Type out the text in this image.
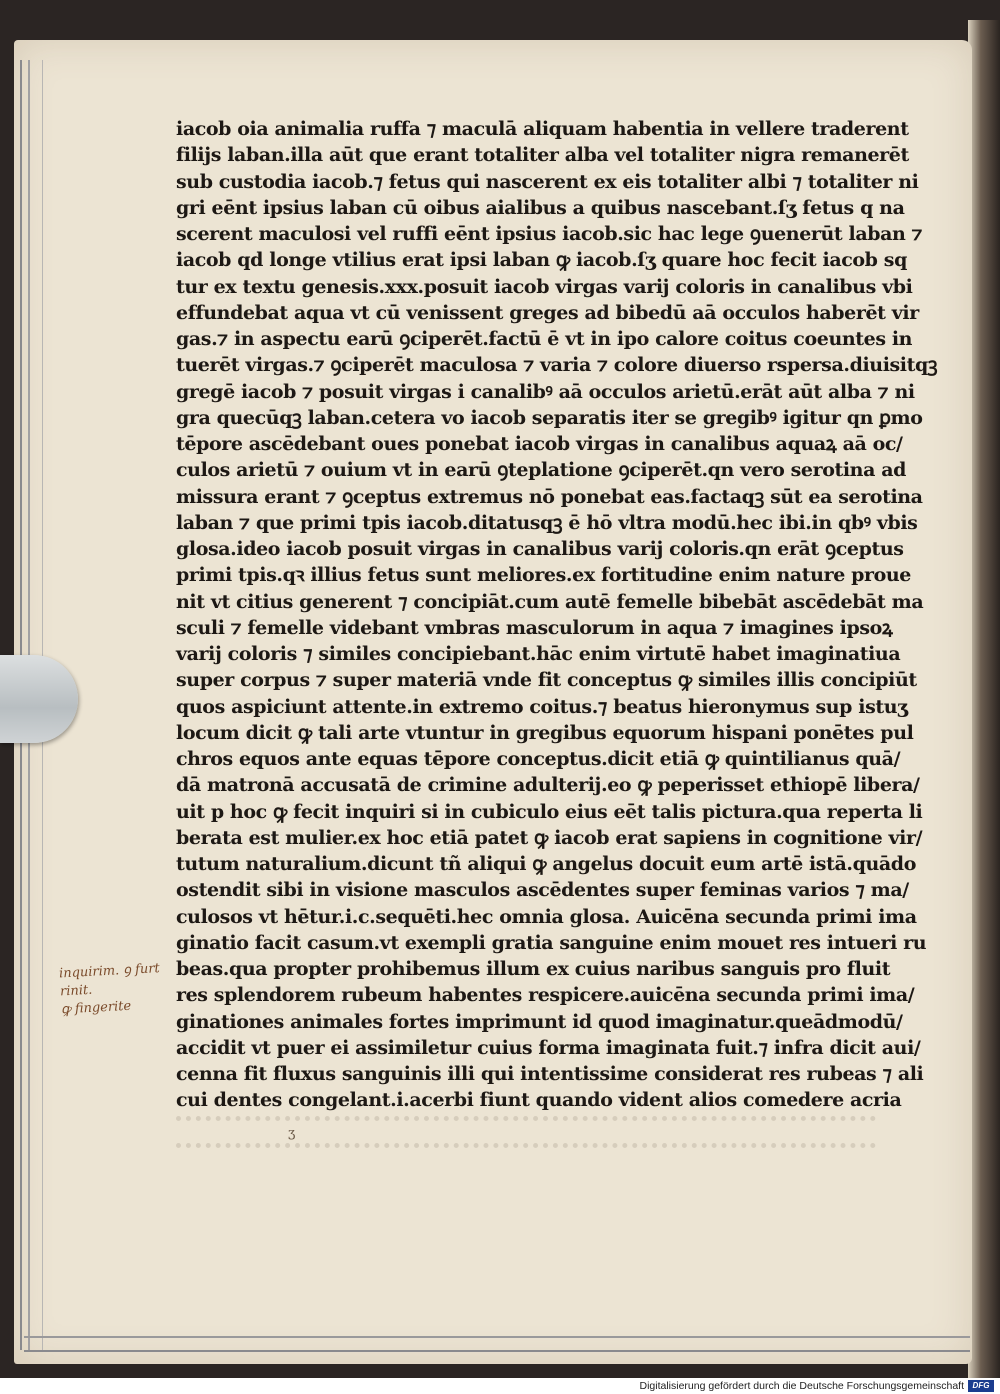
iacob oia animalia ruffa ⁊ maculā aliquam habentia in vellere traderent
filijs laban.illa aūt que erant totaliter alba vel totaliter nigra remanerēt
sub custodia iacob.⁊ fetus qui nascerent ex eis totaliter albi ⁊ totaliter ni
gri eēnt ipsius laban cū oibus aialibus a quibus nascebant.ſʒ fetus q na
scerent maculosi vel ruffi eēnt ipsius iacob.sic hac lege ꝯuenerūt laban ⁊
iacob qd longe vtilius erat ipsi laban ꝙ iacob.ſʒ quare hoc fecit iacob sq
tur ex textu genesis.xxx.posuit iacob virgas varij coloris in canalibus vbi
effundebat aqua vt cū venissent greges ad bibedū aā occulos haberēt vir
gas.⁊ in aspectu earū ꝯciperēt.factū ē vt in ipo calore coitus coeuntes in
tuerēt virgas.⁊ ꝯciperēt maculosa ⁊ varia ⁊ colore diuerso rspersa.diuisitqꝫ
gregē iacob ⁊ posuit virgas i canalibꝰ aā occulos arietū.erāt aūt alba ⁊ ni
gra quecūqꝫ laban.cetera vo iacob separatis iter se gregibꝰ igitur qn ꝑmo
tēpore ascēdebant oues ponebat iacob virgas in canalibus aquaꝝ aā oc/
culos arietū ⁊ ouium vt in earū ꝯteplatione ꝯciperēt.qn vero serotina ad
missura erant ⁊ ꝯceptus extremus nō ponebat eas.factaqꝫ sūt ea serotina
laban ⁊ que primi tpis iacob.ditatusqꝫ ē hō vltra modū.hec ibi.in qbꝰ vbis
glosa.ideo iacob posuit virgas in canalibus varij coloris.qn erāt ꝯceptus
primi tpis.qꝛ illius fetus sunt meliores.ex fortitudine enim nature proue
nit vt citius generent ⁊ concipiāt.cum autē femelle bibebāt ascēdebāt ma
sculi ⁊ femelle videbant vmbras masculorum in aqua ⁊ imagines ipsoꝝ
varij coloris ⁊ similes concipiebant.hāc enim virtutē habet imaginatiua
super corpus ⁊ super materiā vnde fit conceptus ꝙ similes illis concipiūt
quos aspiciunt attente.in extremo coitus.⁊ beatus hieronymus sup istuʒ
locum dicit ꝙ tali arte vtuntur in gregibus equorum hispani ponētes pul
chros equos ante equas tēpore conceptus.dicit etiā ꝙ quintilianus quā/
dā matronā accusatā de crimine adulterij.eo ꝙ peperisset ethiopē libera/
uit p hoc ꝙ fecit inquiri si in cubiculo eius eēt talis pictura.qua reperta li
berata est mulier.ex hoc etiā patet ꝙ iacob erat sapiens in cognitione vir/
tutum naturalium.dicunt tñ aliqui ꝙ angelus docuit eum artē istā.quādo
ostendit sibi in visione masculos ascēdentes super feminas varios ⁊ ma/
culosos vt hētur.i.c.sequēti.hec omnia glosa. Auicēna secunda primi ima
ginatio facit casum.vt exempli gratia sanguine enim mouet res intueri ru
beas.qua propter prohibemus illum ex cuius naribus sanguis pro fluit
res splendorem rubeum habentes respicere.auicēna secunda primi ima/
ginationes animales fortes imprimunt id quod imaginatur.queādmodū/
accidit vt puer ei assimiletur cuius forma imaginata fuit.⁊ infra dicit aui/
cenna fit fluxus sanguinis illi qui intentissime considerat res rubeas ⁊ ali
cui dentes congelant.i.acerbi fiunt quando vident alios comedere acria
inquirim. ꝯ furt
rinit.
ꝙ fingerite
ʒ
Digitalisierung gefördert durch die Deutsche Forschungsgemeinschaft	DFG
